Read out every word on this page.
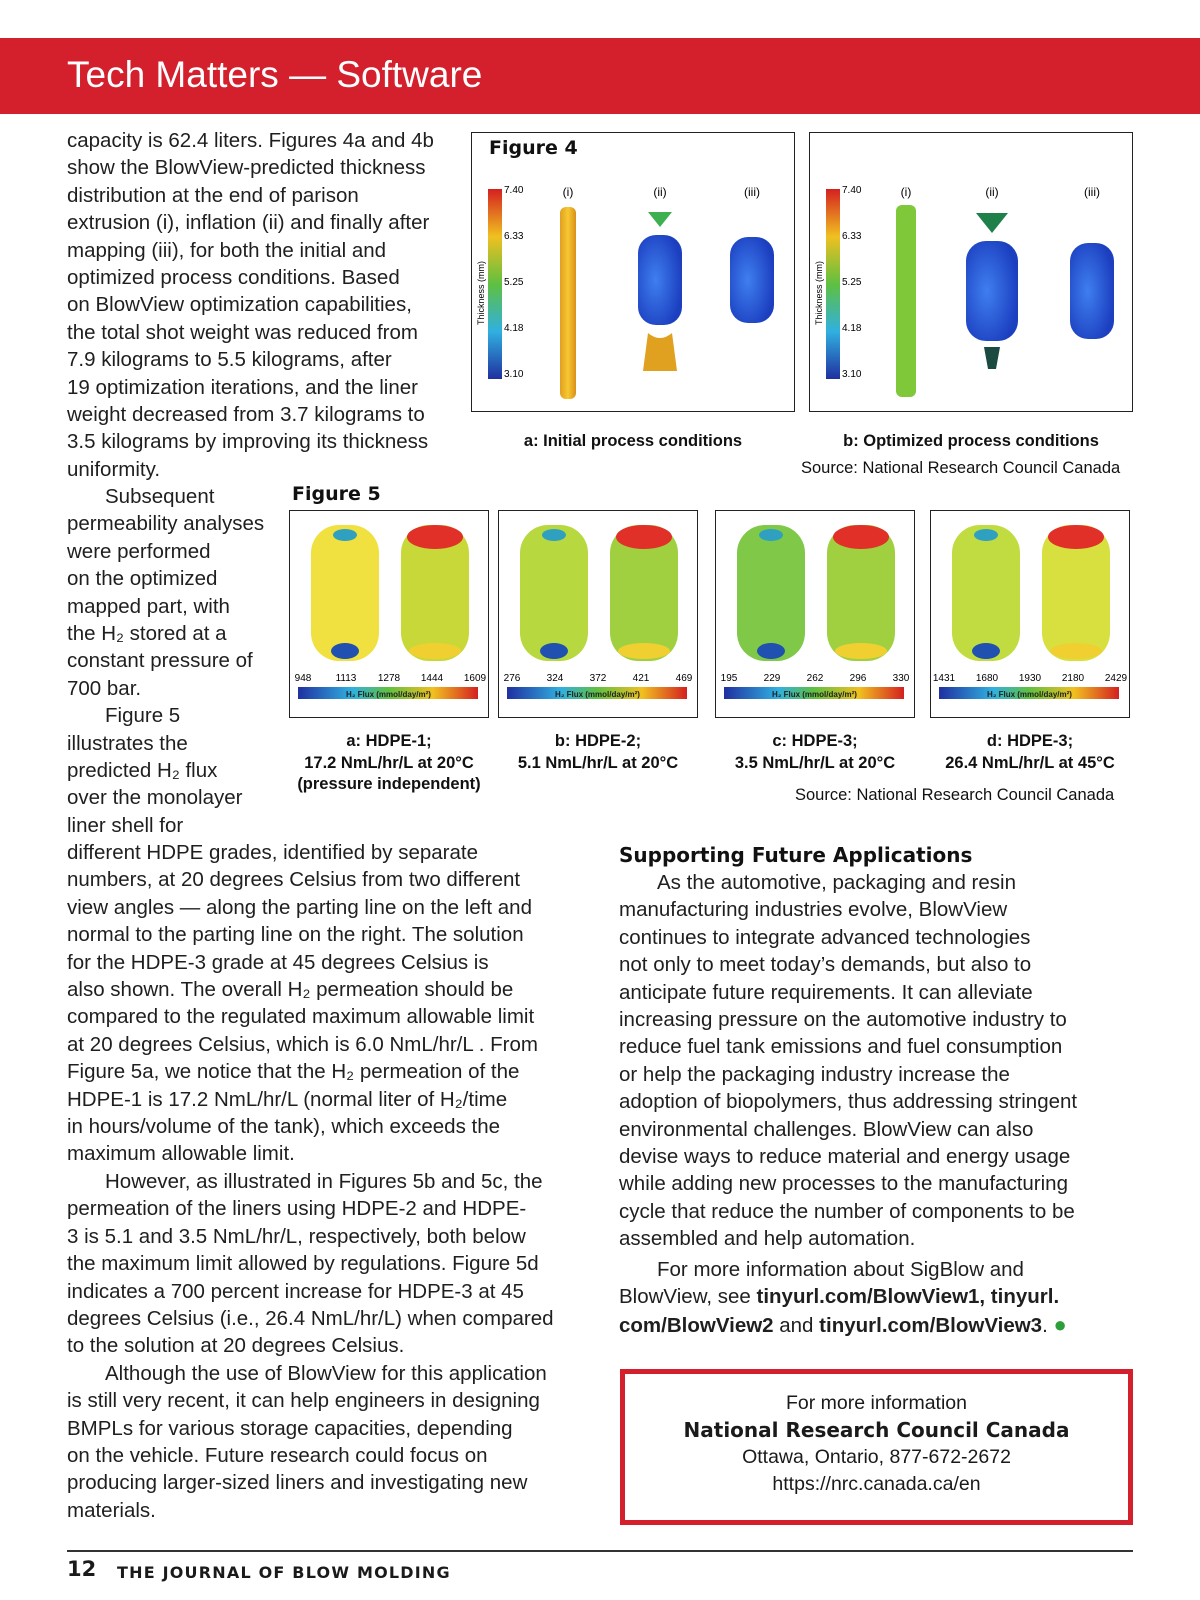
Tech Matters — Software

capacity is 62.4 liters. Figures 4a and 4b

show the BlowView-predicted thickness

distribution at the end of parison

extrusion (i), inflation (ii) and finally after

mapping (iii), for both the initial and

optimized process conditions. Based

on BlowView optimization capabilities,

the total shot weight was reduced from

7.9 kilograms to 5.5 kilograms, after

19 optimization iterations, and the liner

weight decreased from 3.7 kilograms to

3.5 kilograms by improving its thickness

uniformity.

Subsequent

permeability analyses

were performed

on the optimized

mapped part, with

the H₂ stored at a

constant pressure of

700 bar.

Figure 5

illustrates the

predicted H₂ flux

over the monolayer

liner shell for

different HDPE grades, identified by separate

numbers, at 20 degrees Celsius from two different

view angles — along the parting line on the left and

normal to the parting line on the right. The solution

for the HDPE-3 grade at 45 degrees Celsius is

also shown. The overall H₂ permeation should be

compared to the regulated maximum allowable limit

at 20 degrees Celsius, which is 6.0 NmL/hr/L . From

Figure 5a, we notice that the H₂ permeation of the

HDPE-1 is 17.2 NmL/hr/L (normal liter of H₂/time

in hours/volume of the tank), which exceeds the

maximum allowable limit.

However, as illustrated in Figures 5b and 5c, the

permeation of the liners using HDPE-2 and HDPE-

3 is 5.1 and 3.5 NmL/hr/L, respectively, both below

the maximum limit allowed by regulations. Figure 5d

indicates a 700 percent increase for HDPE-3 at 45

degrees Celsius (i.e., 26.4 NmL/hr/L) when compared

to the solution at 20 degrees Celsius.

Although the use of BlowView for this application

is still very recent, it can help engineers in designing

BMPLs for various storage capacities, depending

on the vehicle. Future research could focus on

producing larger-sized liners and investigating new

materials.

Figure 4
Thickness (mm)
7.40
6.33
5.25
4.18
3.10
(i)	(ii)	(iii)
Thickness (mm)
7.40
6.33
5.25
4.18
3.10
(i)	(ii)	(iii)
a: Initial process conditions	b: Optimized process conditions
Source: National Research Council Canada
Figure 5
948 1113 1278 1444 1609
H₂ Flux (mmol/day/m²)
276	324	372	421	469
H₂ Flux (mmol/day/m²)
195	229	262	296	330
H₂ Flux (mmol/day/m²)
1431 1680 1930 2180 2429
H₂ Flux (mmol/day/m²)
a: HDPE-1;
17.2 NmL/hr/L at 20°C
(pressure independent)
b: HDPE-2;
5.1 NmL/hr/L at 20°C
c: HDPE-3;
3.5 NmL/hr/L at 20°C
d: HDPE-3;
26.4 NmL/hr/L at 45°C
Source: National Research Council Canada
Supporting Future Applications

As the automotive, packaging and resin

manufacturing industries evolve, BlowView

continues to integrate advanced technologies

not only to meet today’s demands, but also to

anticipate future requirements. It can alleviate

increasing pressure on the automotive industry to

reduce fuel tank emissions and fuel consumption

or help the packaging industry increase the

adoption of biopolymers, thus addressing stringent

environmental challenges. BlowView can also

devise ways to reduce material and energy usage

while adding new processes to the manufacturing

cycle that reduce the number of components to be

assembled and help automation.

For more information about SigBlow and

BlowView, see tinyurl.com/BlowView1, tinyurl.

com/BlowView2 and tinyurl.com/BlowView3. ●

For more information
National Research Council Canada
Ottawa, Ontario, 877-672-2672
https://nrc.canada.ca/en
12 THE JOURNAL OF BLOW MOLDING
